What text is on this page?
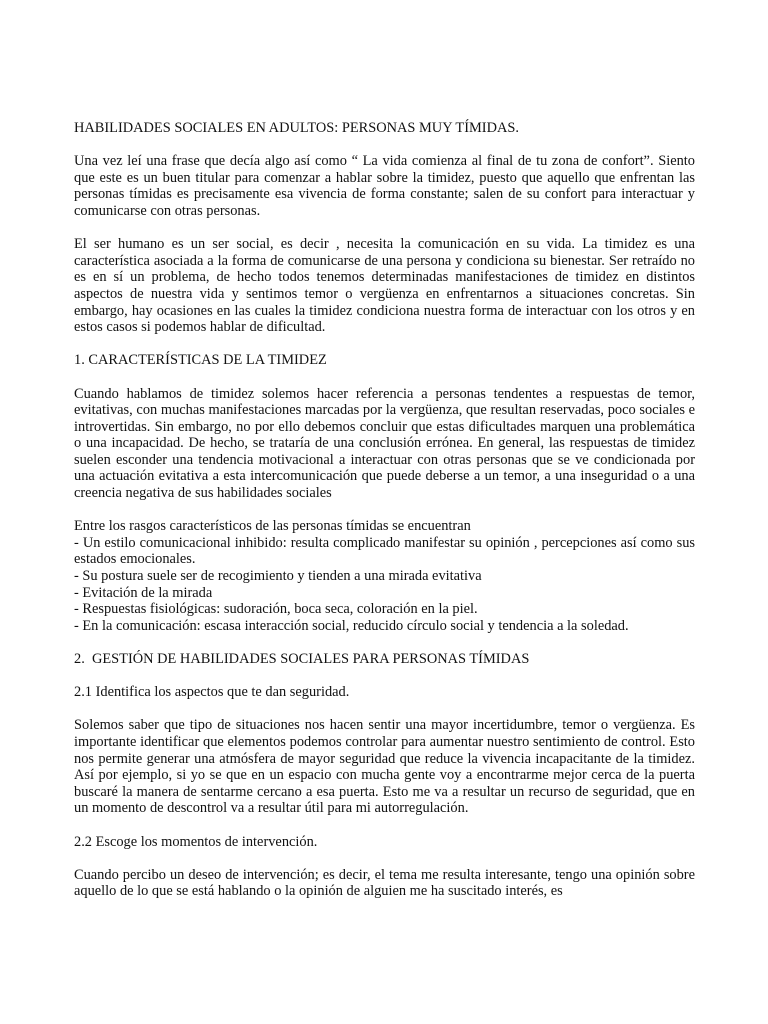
HABILIDADES SOCIALES EN ADULTOS: PERSONAS MUY TÍMIDAS.

Una vez leí una frase que decía algo así como “ La vida comienza al final de tu zona de confort”. Siento que este es un buen titular para comenzar a hablar sobre la timidez, puesto que aquello que enfrentan las personas tímidas es precisamente esa vivencia de forma constante; salen de su confort para interactuar y comunicarse con otras personas.

El ser humano es un ser social, es decir , necesita la comunicación en su vida. La timidez es una característica asociada a la forma de comunicarse de una persona y condiciona su bienestar. Ser retraído no es en sí un problema, de hecho todos tenemos determinadas manifestaciones de timidez en distintos aspectos de nuestra vida y sentimos temor o vergüenza en enfrentarnos a situaciones concretas. Sin embargo, hay ocasiones en las cuales la timidez condiciona nuestra forma de interactuar con los otros y en estos casos si podemos hablar de dificultad.

1. CARACTERÍSTICAS DE LA TIMIDEZ

Cuando hablamos de timidez solemos hacer referencia a personas tendentes a respuestas de temor, evitativas, con muchas manifestaciones marcadas por la vergüenza, que resultan reservadas, poco sociales e introvertidas. Sin embargo, no por ello debemos concluir que estas dificultades marquen una problemática o una incapacidad. De hecho, se trataría de una conclusión errónea. En general, las respuestas de timidez suelen esconder una tendencia motivacional a interactuar con otras personas que se ve condicionada por una actuación evitativa a esta intercomunicación que puede deberse a un temor, a una inseguridad o a una creencia negativa de sus habilidades sociales

Entre los rasgos característicos de las personas tímidas se encuentran
- Un estilo comunicacional inhibido: resulta complicado manifestar su opinión , percepciones así como sus estados emocionales.
- Su postura suele ser de recogimiento y tienden a una mirada evitativa
- Evitación de la mirada
- Respuestas fisiológicas: sudoración, boca seca, coloración en la piel.
- En la comunicación: escasa interacción social, reducido círculo social y tendencia a la soledad.

2.  GESTIÓN DE HABILIDADES SOCIALES PARA PERSONAS TÍMIDAS

2.1 Identifica los aspectos que te dan seguridad.

Solemos saber que tipo de situaciones nos hacen sentir una mayor incertidumbre, temor o vergüenza. Es importante identificar que elementos podemos controlar para aumentar nuestro sentimiento de control. Esto nos permite generar una atmósfera de mayor seguridad que reduce la vivencia incapacitante de la timidez. Así por ejemplo, si yo se que en un espacio con mucha gente voy a encontrarme mejor cerca de la puerta buscaré la manera de sentarme cercano a esa puerta. Esto me va a resultar un recurso de seguridad, que en un momento de descontrol va a resultar útil para mi autorregulación.

2.2 Escoge los momentos de intervención.

Cuando percibo un deseo de intervención; es decir, el tema me resulta interesante, tengo una opinión sobre aquello de lo que se está hablando o la opinión de alguien me ha suscitado interés, es
